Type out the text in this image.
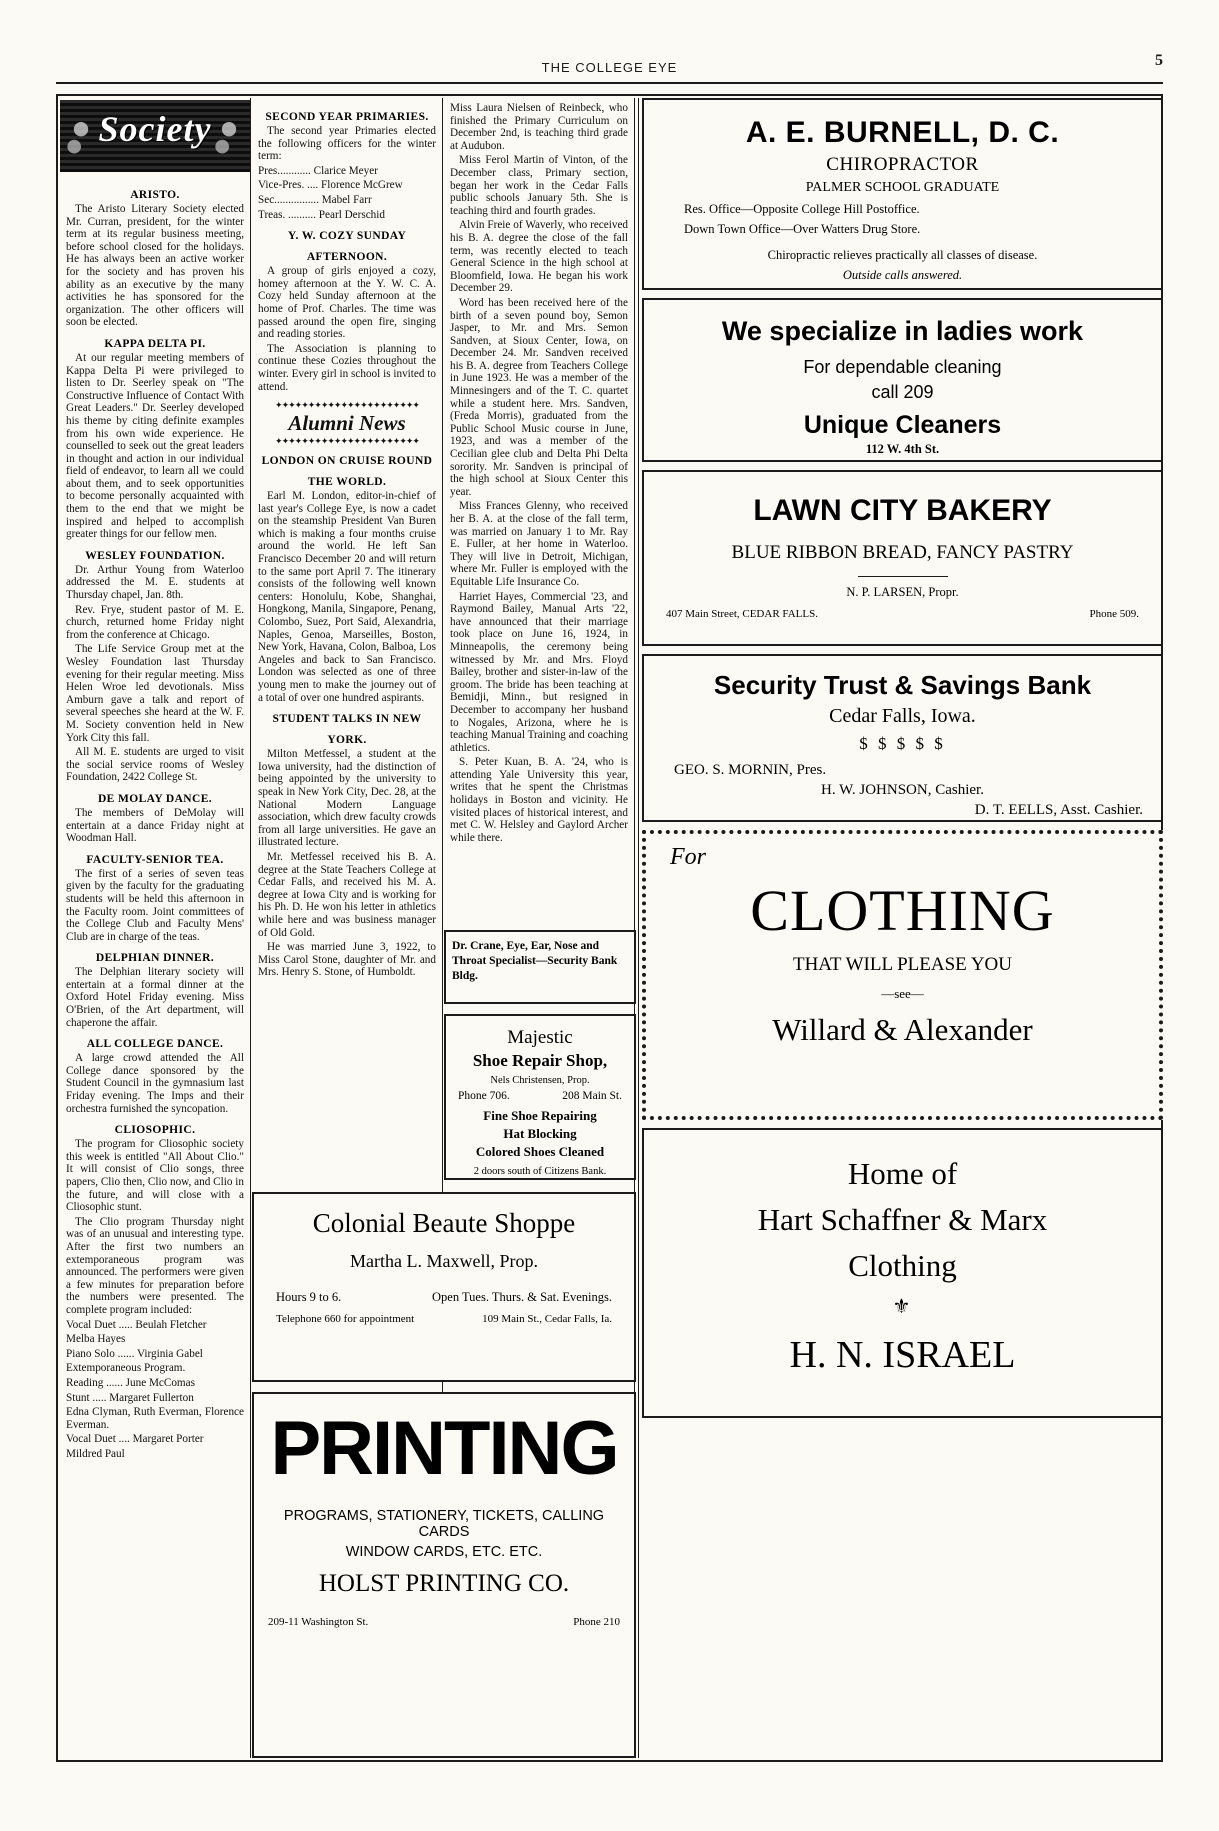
THE COLLEGE EYE	5
Society
ARISTO.

The Aristo Literary Society elected Mr. Curran, president, for the winter term at its regular business meeting, before school closed for the holidays. He has always been an active worker for the society and has proven his ability as an executive by the many activities he has sponsored for the organization. The other officers will soon be elected.

KAPPA DELTA PI.

At our regular meeting members of Kappa Delta Pi were privileged to listen to Dr. Seerley speak on "The Constructive Influence of Contact With Great Leaders." Dr. Seerley developed his theme by citing definite examples from his own wide experience. He counselled to seek out the great leaders in thought and action in our individual field of endeavor, to learn all we could about them, and to seek opportunities to become personally acquainted with them to the end that we might be inspired and helped to accomplish greater things for our fellow men.

WESLEY FOUNDATION.

Dr. Arthur Young from Waterloo addressed the M. E. students at Thursday chapel, Jan. 8th.

Rev. Frye, student pastor of M. E. church, returned home Friday night from the conference at Chicago.

The Life Service Group met at the Wesley Foundation last Thursday evening for their regular meeting. Miss Helen Wroe led devotionals. Miss Amburn gave a talk and report of several speeches she heard at the W. F. M. Society convention held in New York City this fall.

All M. E. students are urged to visit the social service rooms of Wesley Foundation, 2422 College St.

DE MOLAY DANCE.

The members of DeMolay will entertain at a dance Friday night at Woodman Hall.

FACULTY-SENIOR TEA.

The first of a series of seven teas given by the faculty for the graduating students will be held this afternoon in the Faculty room. Joint committees of the College Club and Faculty Mens' Club are in charge of the teas.

DELPHIAN DINNER.

The Delphian literary society will entertain at a formal dinner at the Oxford Hotel Friday evening. Miss O'Brien, of the Art department, will chaperone the affair.

ALL COLLEGE DANCE.

A large crowd attended the All College dance sponsored by the Student Council in the gymnasium last Friday evening. The Imps and their orchestra furnished the syncopation.

CLIOSOPHIC.

The program for Cliosophic society this week is entitled "All About Clio." It will consist of Clio songs, three papers, Clio then, Clio now, and Clio in the future, and will close with a Cliosophic stunt.

The Clio program Thursday night was of an unusual and interesting type. After the first two numbers an extemporaneous program was announced. The performers were given a few minutes for preparation before the numbers were presented. The complete program included:

Vocal Duet ..... Beulah Fletcher

Melba Hayes

Piano Solo ...... Virginia Gabel

Extemporaneous Program.

Reading ...... June McComas

Stunt ..... Margaret Fullerton

Edna Clyman, Ruth Everman, Florence Everman.

Vocal Duet .... Margaret Porter

Mildred Paul

SECOND YEAR PRIMARIES.

The second year Primaries elected the following officers for the winter term:

Pres............ Clarice Meyer

Vice-Pres. .... Florence McGrew

Sec................ Mabel Farr

Treas. .......... Pearl Derschid

Y. W. COZY SUNDAY
AFTERNOON.

A group of girls enjoyed a cozy, homey afternoon at the Y. W. C. A. Cozy held Sunday afternoon at the home of Prof. Charles. The time was passed around the open fire, singing and reading stories.

The Association is planning to continue these Cozies throughout the winter. Every girl in school is invited to attend.

✦✦✦✦✦✦✦✦✦✦✦✦✦✦✦✦✦✦✦✦✦✦
Alumni News
✦✦✦✦✦✦✦✦✦✦✦✦✦✦✦✦✦✦✦✦✦✦
LONDON ON CRUISE ROUND
THE WORLD.

Earl M. London, editor-in-chief of last year's College Eye, is now a cadet on the steamship President Van Buren which is making a four months cruise around the world. He left San Francisco December 20 and will return to the same port April 7. The itinerary consists of the following well known centers: Honolulu, Kobe, Shanghai, Hongkong, Manila, Singapore, Penang, Colombo, Suez, Port Said, Alexandria, Naples, Genoa, Marseilles, Boston, New York, Havana, Colon, Balboa, Los Angeles and back to San Francisco. London was selected as one of three young men to make the journey out of a total of over one hundred aspirants.

STUDENT TALKS IN NEW
YORK.

Milton Metfessel, a student at the Iowa university, had the distinction of being appointed by the university to speak in New York City, Dec. 28, at the National Modern Language association, which drew faculty crowds from all large universities. He gave an illustrated lecture.

Mr. Metfessel received his B. A. degree at the State Teachers College at Cedar Falls, and received his M. A. degree at Iowa City and is working for his Ph. D. He won his letter in athletics while here and was business manager of Old Gold.

He was married June 3, 1922, to Miss Carol Stone, daughter of Mr. and Mrs. Henry S. Stone, of Humboldt.

Miss Laura Nielsen of Reinbeck, who finished the Primary Curriculum on December 2nd, is teaching third grade at Audubon.

Miss Ferol Martin of Vinton, of the December class, Primary section, began her work in the Cedar Falls public schools January 5th. She is teaching third and fourth grades.

Alvin Freie of Waverly, who received his B. A. degree the close of the fall term, was recently elected to teach General Science in the high school at Bloomfield, Iowa. He began his work December 29.

Word has been received here of the birth of a seven pound boy, Semon Jasper, to Mr. and Mrs. Semon Sandven, at Sioux Center, Iowa, on December 24. Mr. Sandven received his B. A. degree from Teachers College in June 1923. He was a member of the Minnesingers and of the T. C. quartet while a student here. Mrs. Sandven, (Freda Morris), graduated from the Public School Music course in June, 1923, and was a member of the Cecilian glee club and Delta Phi Delta sorority. Mr. Sandven is principal of the high school at Sioux Center this year.

Miss Frances Glenny, who received her B. A. at the close of the fall term, was married on January 1 to Mr. Ray E. Fuller, at her home in Waterloo. They will live in Detroit, Michigan, where Mr. Fuller is employed with the Equitable Life Insurance Co.

Harriet Hayes, Commercial '23, and Raymond Bailey, Manual Arts '22, have announced that their marriage took place on June 16, 1924, in Minneapolis, the ceremony being witnessed by Mr. and Mrs. Floyd Bailey, brother and sister-in-law of the groom. The bride has been teaching at Bemidji, Minn., but resigned in December to accompany her husband to Nogales, Arizona, where he is teaching Manual Training and coaching athletics.

S. Peter Kuan, B. A. '24, who is attending Yale University this year, writes that he spent the Christmas holidays in Boston and vicinity. He visited places of historical interest, and met C. W. Helsley and Gaylord Archer while there.

Dr. Crane, Eye, Ear, Nose and
Throat Specialist—Security Bank
Bldg.
Majestic
Shoe Repair Shop,
Nels Christensen, Prop.
Phone 706.	208 Main St.
Fine Shoe Repairing
Hat Blocking
Colored Shoes Cleaned
2 doors south of Citizens Bank.
Colonial Beaute Shoppe
Martha L. Maxwell, Prop.
Hours 9 to 6.	Open Tues. Thurs. & Sat. Evenings.
Telephone 660 for appointment	109 Main St., Cedar Falls, Ia.
PRINTING
PROGRAMS, STATIONERY, TICKETS, CALLING CARDS
WINDOW CARDS, ETC. ETC.
HOLST PRINTING CO.
209-11 Washington St.	Phone 210
A. E. BURNELL, D. C.
CHIROPRACTOR
PALMER SCHOOL GRADUATE
Res. Office—Opposite College Hill Postoffice.
Down Town Office—Over Watters Drug Store.
Chiropractic relieves practically all classes of disease.
Outside calls answered.
We specialize in ladies work
For dependable cleaning
call 209
Unique Cleaners
112 W. 4th St.
LAWN CITY BAKERY
BLUE RIBBON BREAD, FANCY PASTRY
N. P. LARSEN, Propr.
407 Main Street, CEDAR FALLS.	Phone 509.
Security Trust & Savings Bank
Cedar Falls, Iowa.
$ $ $ $ $
GEO. S. MORNIN, Pres.
H. W. JOHNSON, Cashier.
D. T. EELLS, Asst. Cashier.
For
CLOTHING
THAT WILL PLEASE YOU
—see—
Willard & Alexander
Home of
Hart Schaffner & Marx
Clothing
⚜
H. N. ISRAEL
